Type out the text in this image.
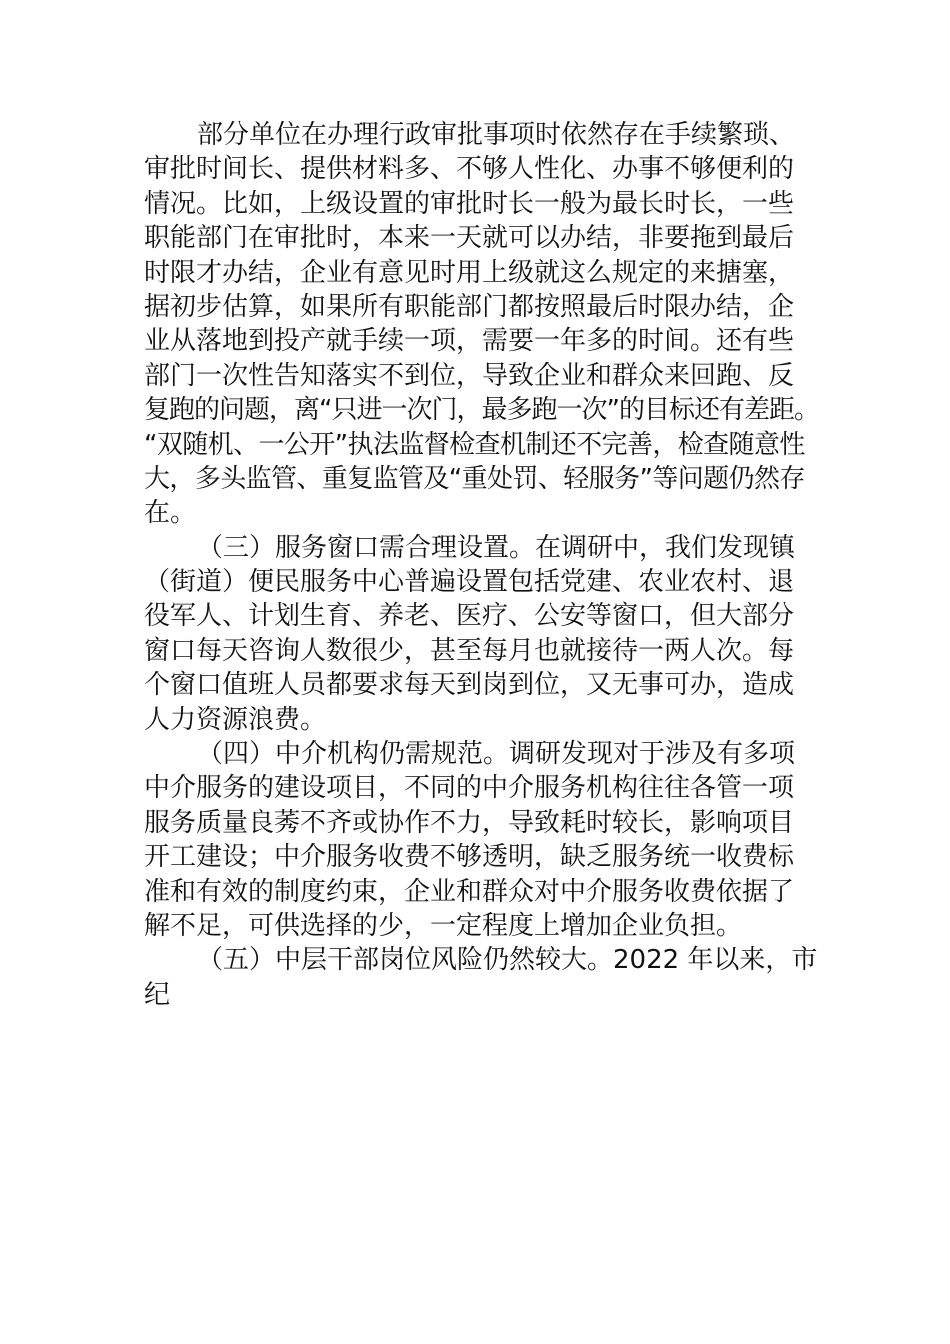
部分单位在办理行政审批事项时依然存在手续繁琐、
审批时间长、提供材料多、不够人性化、办事不够便利的
情况。比如，上级设置的审批时长一般为最长时长，一些
职能部门在审批时，本来一天就可以办结，非要拖到最后
时限才办结，企业有意见时用上级就这么规定的来搪塞，
据初步估算，如果所有职能部门都按照最后时限办结，企
业从落地到投产就手续一项，需要一年多的时间。还有些
部门一次性告知落实不到位，导致企业和群众来回跑、反
复跑的问题，离“只进一次门，最多跑一次”的目标还有差距。
“双随机、一公开”执法监督检查机制还不完善，检查随意性
大，多头监管、重复监管及“重处罚、轻服务”等问题仍然存
在。
（三）服务窗口需合理设置。在调研中，我们发现镇
（街道）便民服务中心普遍设置包括党建、农业农村、退
役军人、计划生育、养老、医疗、公安等窗口，但大部分
窗口每天咨询人数很少，甚至每月也就接待一两人次。每
个窗口值班人员都要求每天到岗到位，又无事可办，造成
人力资源浪费。
（四）中介机构仍需规范。调研发现对于涉及有多项
中介服务的建设项目，不同的中介服务机构往往各管一项
服务质量良莠不齐或协作不力，导致耗时较长，影响项目
开工建设；中介服务收费不够透明，缺乏服务统一收费标
准和有效的制度约束，企业和群众对中介服务收费依据了
解不足，可供选择的少，一定程度上增加企业负担。
（五）中层干部岗位风险仍然较大。2022 年以来，市
纪
